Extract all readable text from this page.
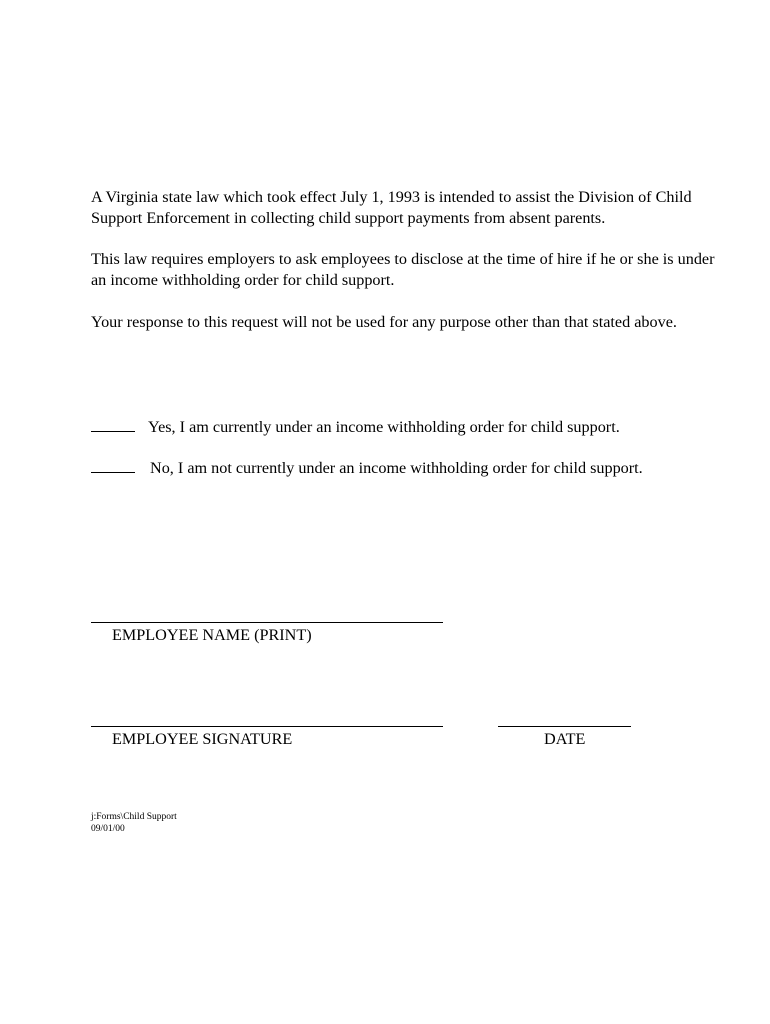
A Virginia state law which took effect July 1, 1993 is intended to assist the Division of Child Support Enforcement in collecting child support payments from absent parents.

This law requires employers to ask employees to disclose at the time of hire if he or she is under an income withholding order for child support.

Your response to this request will not be used for any purpose other than that stated above.

Yes, I am currently under an income withholding order for child support.
No, I am not currently under an income withholding order for child support.
EMPLOYEE NAME (PRINT)
EMPLOYEE SIGNATURE	DATE
j:Forms\Child Support
09/01/00
